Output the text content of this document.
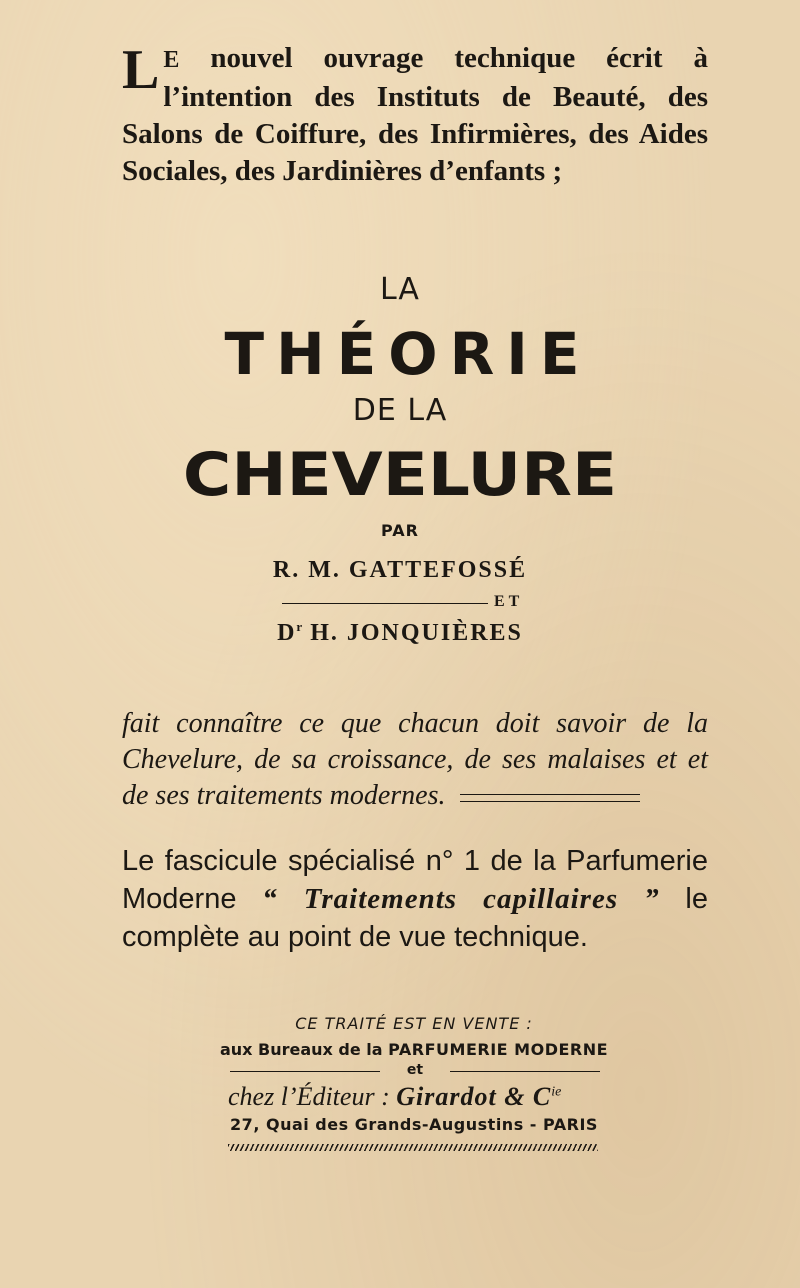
L E nouvel ouvrage technique écrit à l’intention des Instituts de Beauté, des Salons de Coiffure, des Infirmières, des Aides Sociales, des Jardinières d’enfants ;
LA
THÉORIE
DE LA
CHEVELURE
PAR
R. M. GATTEFOSSÉ
ET
$D^r$ H. JONQUIÈRES
fait connaître ce que chacun doit savoir de la Chevelure, de sa croissance, de ses malaises et et de ses traitements modernes.
Le fascicule spécialisé n° 1 de la Parfumerie Moderne “ Traitements capillaires ” le complète au point de vue technique.
CE TRAITÉ EST EN VENTE :
aux Bureaux de la PARFUMERIE MODERNE
et
chez l’Éditeur : Girardot & $C^{ie}$
27, Quai des Grands-Augustins - PARIS
